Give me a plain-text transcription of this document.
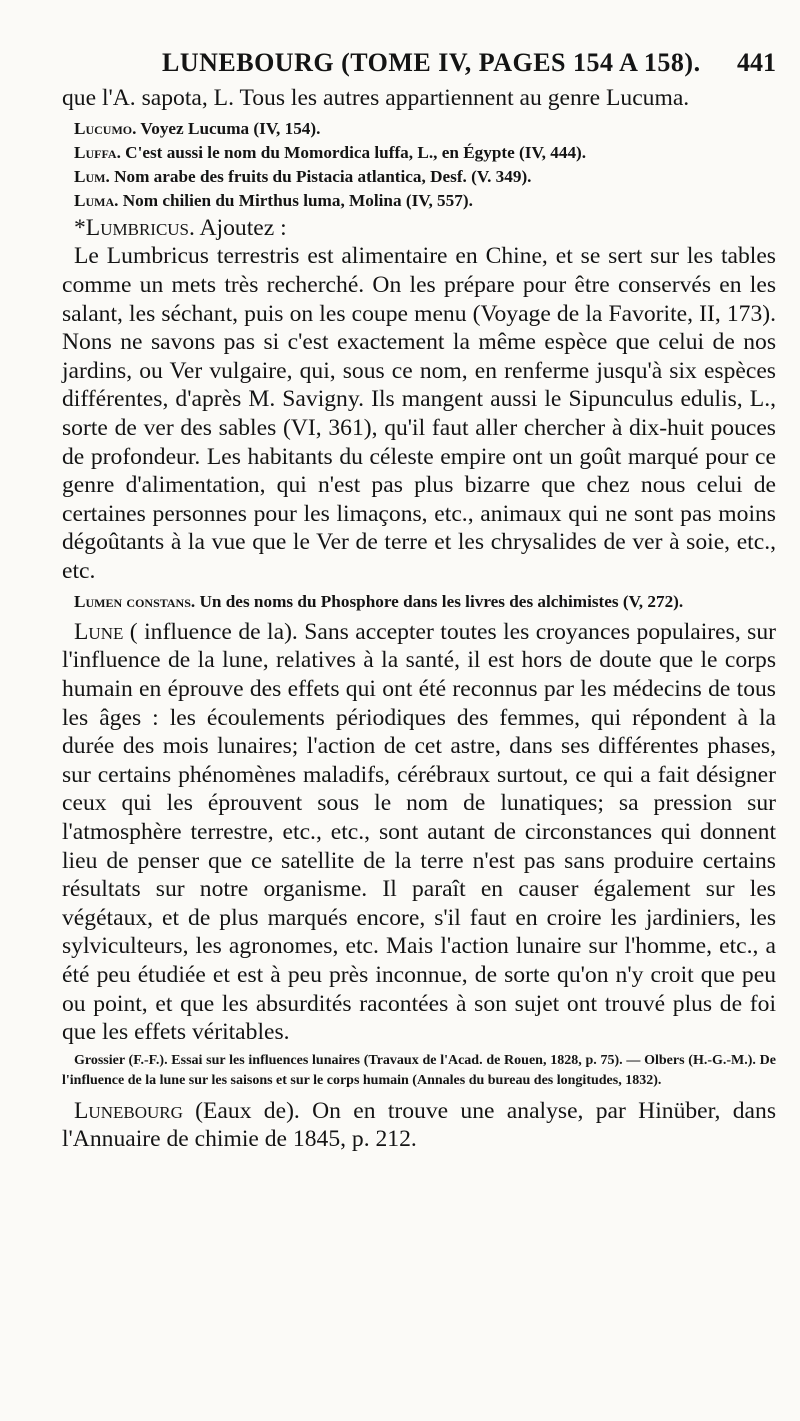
LUNEBOURG (TOME IV, PAGES 154 A 158). 441

que l'A. sapota, L. Tous les autres appartiennent au genre Lucuma.

Lucumo. Voyez Lucuma (IV, 154).

Luffa. C'est aussi le nom du Momordica luffa, L., en Égypte (IV, 444).

Lum. Nom arabe des fruits du Pistacia atlantica, Desf. (V. 349).

Luma. Nom chilien du Mirthus luma, Molina (IV, 557).

*Lumbricus. Ajoutez :

Le Lumbricus terrestris est alimentaire en Chine, et se sert sur les tables comme un mets très recherché. On les prépare pour être conservés en les salant, les séchant, puis on les coupe menu (Voyage de la Favorite, II, 173). Nons ne savons pas si c'est exactement la même espèce que celui de nos jardins, ou Ver vulgaire, qui, sous ce nom, en renferme jusqu'à six espèces différentes, d'après M. Savigny. Ils mangent aussi le Sipunculus edulis, L., sorte de ver des sables (VI, 361), qu'il faut aller chercher à dix-huit pouces de profondeur. Les habitants du céleste empire ont un goût marqué pour ce genre d'alimentation, qui n'est pas plus bizarre que chez nous celui de certaines personnes pour les limaçons, etc., animaux qui ne sont pas moins dégoûtants à la vue que le Ver de terre et les chrysalides de ver à soie, etc., etc.

Lumen constans. Un des noms du Phosphore dans les livres des alchimistes (V, 272).

Lune ( influence de la). Sans accepter toutes les croyances populaires, sur l'influence de la lune, relatives à la santé, il est hors de doute que le corps humain en éprouve des effets qui ont été reconnus par les médecins de tous les âges : les écoulements périodiques des femmes, qui répondent à la durée des mois lunaires; l'action de cet astre, dans ses différentes phases, sur certains phénomènes maladifs, cérébraux surtout, ce qui a fait désigner ceux qui les éprouvent sous le nom de lunatiques; sa pression sur l'atmosphère terrestre, etc., etc., sont autant de circonstances qui donnent lieu de penser que ce satellite de la terre n'est pas sans produire certains résultats sur notre organisme. Il paraît en causer également sur les végétaux, et de plus marqués encore, s'il faut en croire les jardiniers, les sylviculteurs, les agronomes, etc. Mais l'action lunaire sur l'homme, etc., a été peu étudiée et est à peu près inconnue, de sorte qu'on n'y croit que peu ou point, et que les absurdités racontées à son sujet ont trouvé plus de foi que les effets véritables.

Grossier (F.-F.). Essai sur les influences lunaires (Travaux de l'Acad. de Rouen, 1828, p. 75). — Olbers (H.-G.-M.). De l'influence de la lune sur les saisons et sur le corps humain (Annales du bureau des longitudes, 1832).

Lunebourg (Eaux de). On en trouve une analyse, par Hinüber, dans l'Annuaire de chimie de 1845, p. 212.
